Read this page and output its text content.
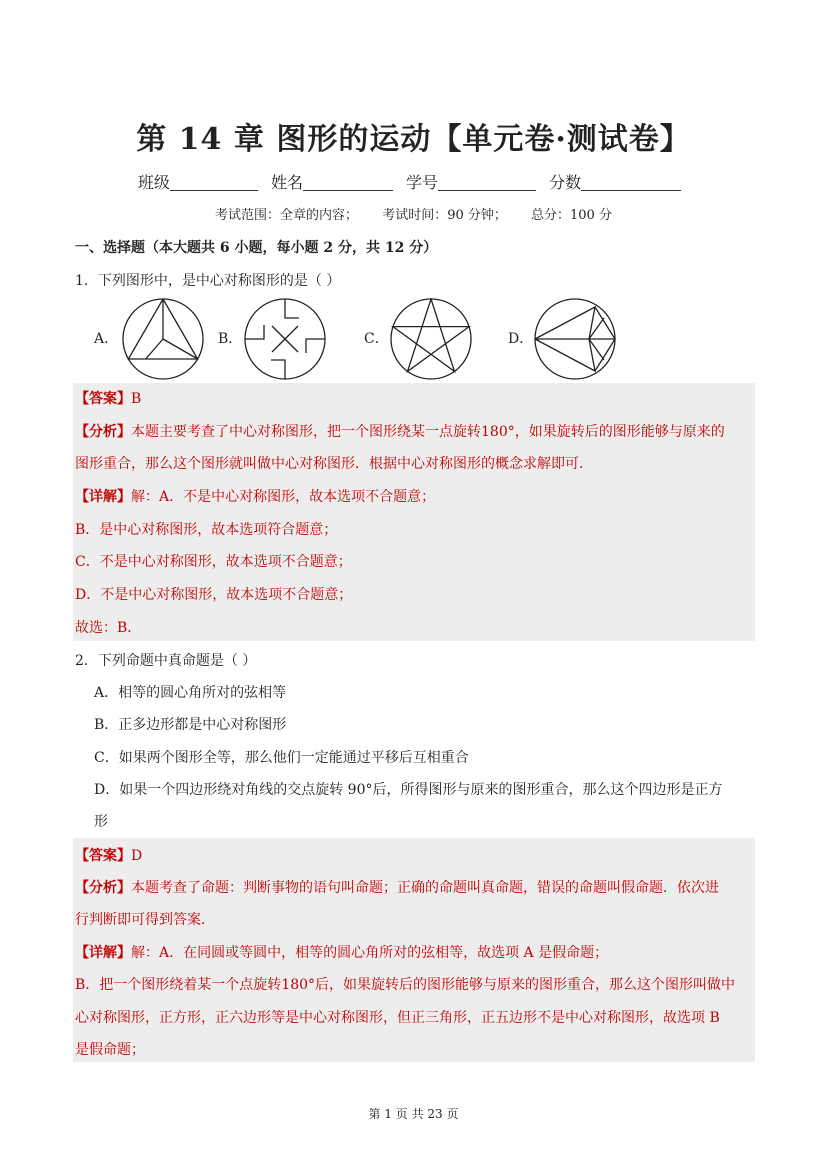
第 14 章 图形的运动【单元卷·测试卷】
班级	姓名	学号	分数
考试范围：全章的内容； 考试时间：90 分钟； 总分：100 分
一、选择题（本大题共 6 小题，每小题 2 分，共 12 分）
1．下列图形中，是中心对称图形的是（ ）
A．	B．	C．	D．
【答案】B
【分析】本题主要考查了中心对称图形，把一个图形绕某一点旋转180°，如果旋转后的图形能够与原来的
图形重合，那么这个图形就叫做中心对称图形．根据中心对称图形的概念求解即可．
【详解】解：A．不是中心对称图形，故本选项不合题意；
B．是中心对称图形，故本选项符合题意；
C．不是中心对称图形，故本选项不合题意；
D．不是中心对称图形，故本选项不合题意；
故选：B．
2．下列命题中真命题是（ ）
A．相等的圆心角所对的弦相等
B．正多边形都是中心对称图形
C．如果两个图形全等，那么他们一定能通过平移后互相重合
D．如果一个四边形绕对角线的交点旋转 90°后，所得图形与原来的图形重合，那么这个四边形是正方
形
【答案】D
【分析】本题考查了命题：判断事物的语句叫命题；正确的命题叫真命题，错误的命题叫假命题．依次进
行判断即可得到答案．
【详解】解：A．在同圆或等圆中，相等的圆心角所对的弦相等，故选项 A 是假命题；
B．把一个图形绕着某一个点旋转180°后，如果旋转后的图形能够与原来的图形重合，那么这个图形叫做中
心对称图形，正方形，正六边形等是中心对称图形，但正三角形，正五边形不是中心对称图形，故选项 B
是假命题；
第 1 页 共 23 页
